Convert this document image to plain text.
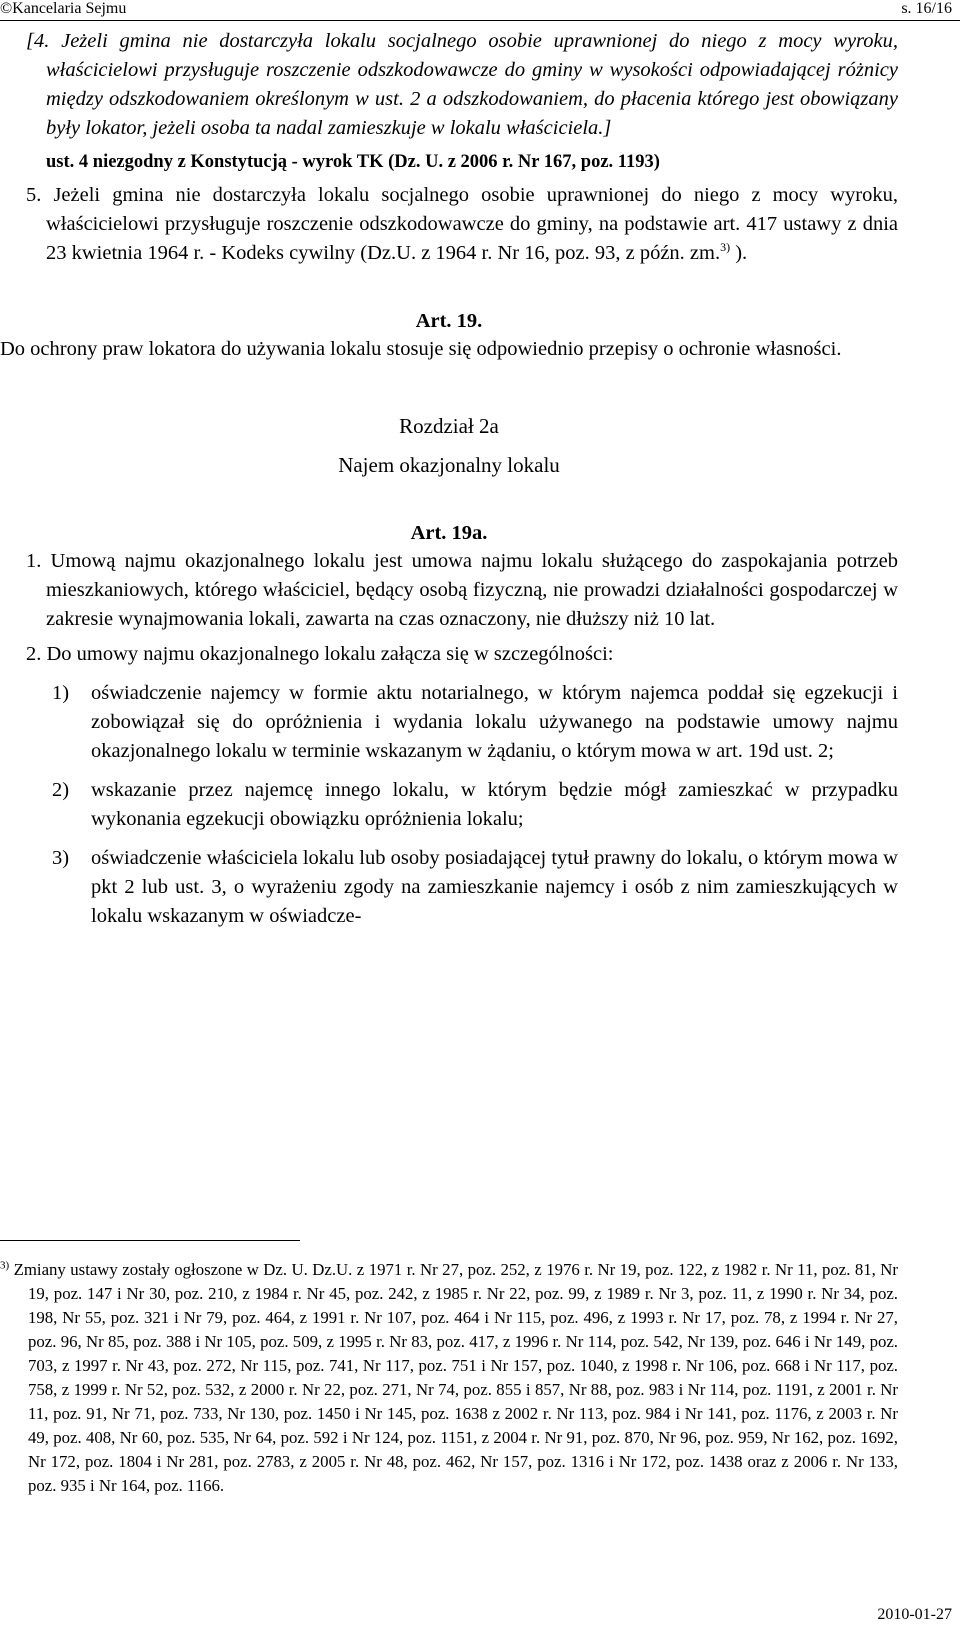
©Kancelaria Sejmu	s. 16/16

[4. Jeżeli gmina nie dostarczyła lokalu socjalnego osobie uprawnionej do niego z mocy wyroku, właścicielowi przysługuje roszczenie odszkodowawcze do gminy w wysokości odpowiadającej różnicy między odszkodowaniem określonym w ust. 2 a odszkodowaniem, do płacenia którego jest obowiązany były lokator, jeżeli osoba ta nadal zamieszkuje w lokalu właściciela.]

ust. 4 niezgodny z Konstytucją - wyrok TK (Dz. U. z 2006 r. Nr 167, poz. 1193)

5. Jeżeli gmina nie dostarczyła lokalu socjalnego osobie uprawnionej do niego z mocy wyroku, właścicielowi przysługuje roszczenie odszkodowawcze do gminy, na podstawie art. 417 ustawy z dnia 23 kwietnia 1964 r. - Kodeks cywilny (Dz.U. z 1964 r. Nr 16, poz. 93, z późn. zm.$^{3)}$ ).

Art. 19.

Do ochrony praw lokatora do używania lokalu stosuje się odpowiednio przepisy o ochronie własności.

Rozdział 2a

Najem okazjonalny lokalu

Art. 19a.

1. Umową najmu okazjonalnego lokalu jest umowa najmu lokalu służącego do zaspokajania potrzeb mieszkaniowych, którego właściciel, będący osobą fizyczną, nie prowadzi działalności gospodarczej w zakresie wynajmowania lokali, zawarta na czas oznaczony, nie dłuższy niż 10 lat.

2. Do umowy najmu okazjonalnego lokalu załącza się w szczególności:

1) oświadczenie najemcy w formie aktu notarialnego, w którym najemca poddał się egzekucji i zobowiązał się do opróżnienia i wydania lokalu używanego na podstawie umowy najmu okazjonalnego lokalu w terminie wskazanym w żądaniu, o którym mowa w art. 19d ust. 2;

2) wskazanie przez najemcę innego lokalu, w którym będzie mógł zamieszkać w przypadku wykonania egzekucji obowiązku opróżnienia lokalu;

3) oświadczenie właściciela lokalu lub osoby posiadającej tytuł prawny do lokalu, o którym mowa w pkt 2 lub ust. 3, o wyrażeniu zgody na zamieszkanie najemcy i osób z nim zamieszkujących w lokalu wskazanym w oświadcze-

$^{3)}$ Zmiany ustawy zostały ogłoszone w Dz. U. Dz.U. z 1971 r. Nr 27, poz. 252, z 1976 r. Nr 19, poz. 122, z 1982 r. Nr 11, poz. 81, Nr 19, poz. 147 i Nr 30, poz. 210, z 1984 r. Nr 45, poz. 242, z 1985 r. Nr 22, poz. 99, z 1989 r. Nr 3, poz. 11, z 1990 r. Nr 34, poz. 198, Nr 55, poz. 321 i Nr 79, poz. 464, z 1991 r. Nr 107, poz. 464 i Nr 115, poz. 496, z 1993 r. Nr 17, poz. 78, z 1994 r. Nr 27, poz. 96, Nr 85, poz. 388 i Nr 105, poz. 509, z 1995 r. Nr 83, poz. 417, z 1996 r. Nr 114, poz. 542, Nr 139, poz. 646 i Nr 149, poz. 703, z 1997 r. Nr 43, poz. 272, Nr 115, poz. 741, Nr 117, poz. 751 i Nr 157, poz. 1040, z 1998 r. Nr 106, poz. 668 i Nr 117, poz. 758, z 1999 r. Nr 52, poz. 532, z 2000 r. Nr 22, poz. 271, Nr 74, poz. 855 i 857, Nr 88, poz. 983 i Nr 114, poz. 1191, z 2001 r. Nr 11, poz. 91, Nr 71, poz. 733, Nr 130, poz. 1450 i Nr 145, poz. 1638 z 2002 r. Nr 113, poz. 984 i Nr 141, poz. 1176, z 2003 r. Nr 49, poz. 408, Nr 60, poz. 535, Nr 64, poz. 592 i Nr 124, poz. 1151, z 2004 r. Nr 91, poz. 870, Nr 96, poz. 959, Nr 162, poz. 1692, Nr 172, poz. 1804 i Nr 281, poz. 2783, z 2005 r. Nr 48, poz. 462, Nr 157, poz. 1316 i Nr 172, poz. 1438 oraz z 2006 r. Nr 133, poz. 935 i Nr 164, poz. 1166.
2010-01-27
